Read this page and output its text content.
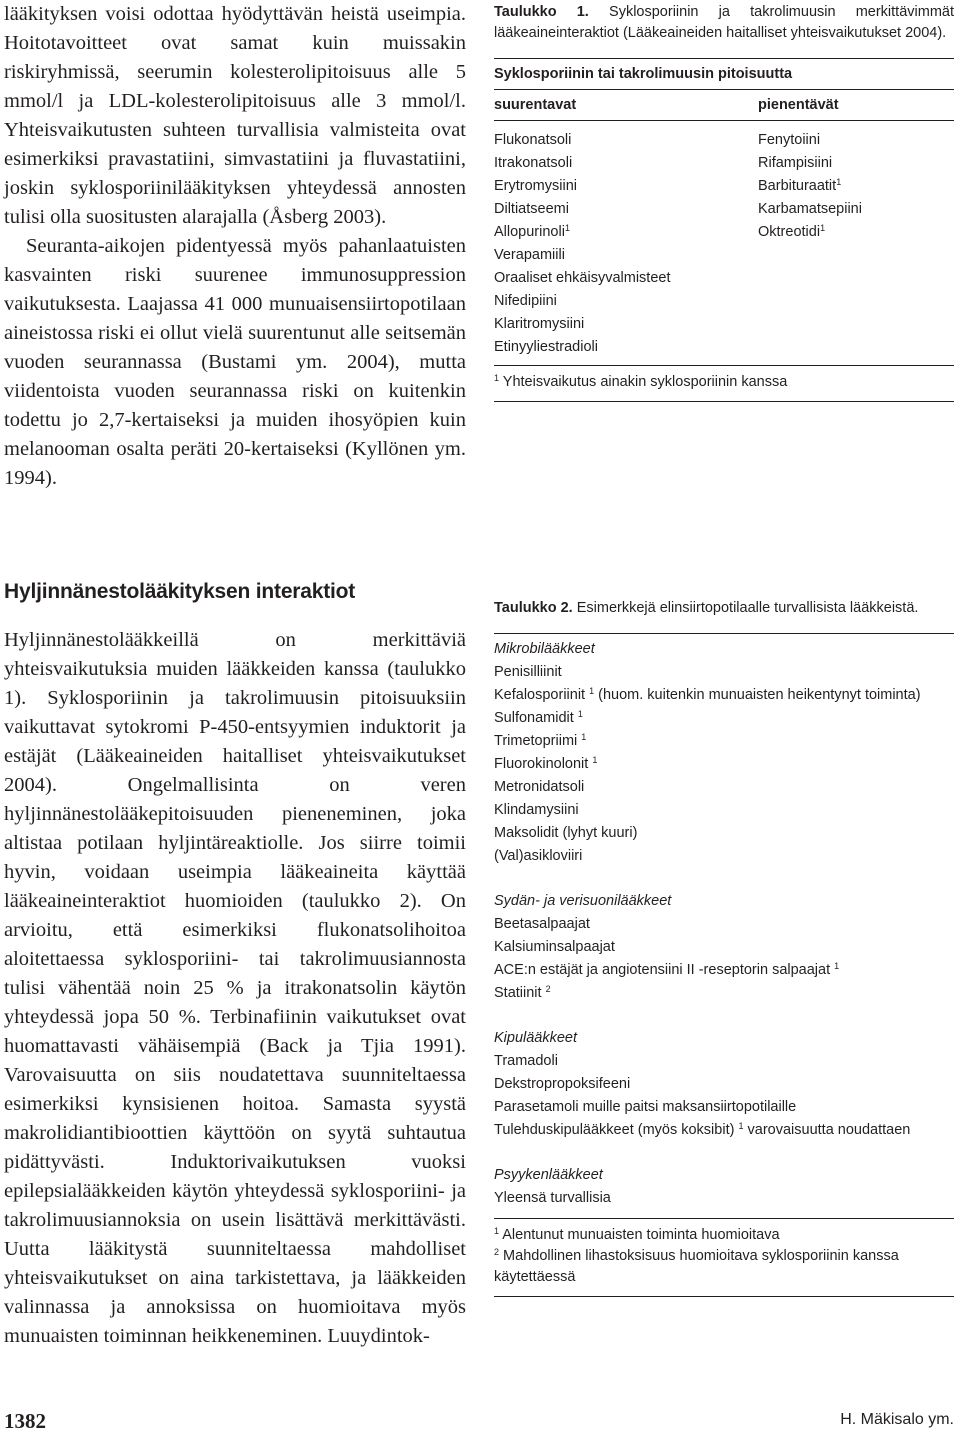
lääkityksen voisi odottaa hyödyttävän heistä useimpia. Hoitotavoitteet ovat samat kuin muissakin riskiryhmissä, seerumin kolesterolipitoisuus alle 5 mmol/l ja LDL-kolesterolipitoisuus alle 3 mmol/l. Yhteisvaikutusten suhteen turvallisia valmisteita ovat esimerkiksi pravastatiini, simvastatiini ja fluvastatiini, joskin syklosporiinilääkityksen yhteydessä annosten tulisi olla suositusten alarajalla (Åsberg 2003).

Seuranta-aikojen pidentyessä myös pahanlaatuisten kasvainten riski suurenee immunosuppression vaikutuksesta. Laajassa 41 000 munuaisensiirtopotilaan aineistossa riski ei ollut vielä suurentunut alle seitsemän vuoden seurannassa (Bustami ym. 2004), mutta viidentoista vuoden seurannassa riski on kuitenkin todettu jo 2,7-kertaiseksi ja muiden ihosyöpien kuin melanooman osalta peräti 20-kertaiseksi (Kyllönen ym. 1994).

Hyljinnänestolääkityksen interaktiot

Hyljinnänestolääkkeillä on merkittäviä yhteisvaikutuksia muiden lääkkeiden kanssa (taulukko 1). Syklosporiinin ja takrolimuusin pitoisuuksiin vaikuttavat sytokromi P-450-entsyymien induktorit ja estäjät (Lääkeaineiden haitalliset yhteisvaikutukset 2004). Ongelmallisinta on veren hyljinnänestolääkepitoisuuden pieneneminen, joka altistaa potilaan hyljintäreaktiolle. Jos siirre toimii hyvin, voidaan useimpia lääkeaineita käyttää lääkeaineinteraktiot huomioiden (taulukko 2). On arvioitu, että esimerkiksi flukonatsolihoitoa aloitettaessa syklosporiini- tai takrolimuusiannosta tulisi vähentää noin 25 % ja itrakonatsolin käytön yhteydessä jopa 50 %. Terbinafiinin vaikutukset ovat huomattavasti vähäisempiä (Back ja Tjia 1991). Varovaisuutta on siis noudatettava suunniteltaessa esimerkiksi kynsisienen hoitoa. Samasta syystä makrolidiantibioottien käyttöön on syytä suhtautua pidättyvästi. Induktorivaikutuksen vuoksi epilepsialääkkeiden käytön yhteydessä syklosporiini- ja takrolimuusiannoksia on usein lisättävä merkittävästi. Uutta lääkitystä suunniteltaessa mahdolliset yhteisvaikutukset on aina tarkistettava, ja lääkkeiden valinnassa ja annoksissa on huomioitava myös munuaisten toiminnan heikkeneminen. Luuydintok-

Taulukko 1. Syklosporiinin ja takrolimuusin merkittävimmät lääkeaineinteraktiot (Lääkeaineiden haitalliset yhteisvaikutukset 2004).

Syklosporiinin tai takrolimuusin pitoisuutta

suurentavat

Flukonatsoli

Itrakonatsoli

Erytromysiini

Diltiatseemi

Allopurinoli$^1$

Verapamiili

Oraaliset ehkäisyvalmisteet

Nifedipiini

Klaritromysiini

Etinyyliestradioli

pienentävät

Fenytoiini

Rifampisiini

Barbituraatit$^1$

Karbamatsepiini

Oktreotidi$^1$

$^1$ Yhteisvaikutus ainakin syklosporiinin kanssa

Taulukko 2. Esimerkkejä elinsiirtopotilaalle turvallisista lääkkeistä.

Mikrobilääkkeet

Penisilliinit

Kefalosporiinit $^1$ (huom. kuitenkin munuaisten heikentynyt toiminta)

Sulfonamidit $^1$

Trimetopriimi $^1$

Fluorokinolonit $^1$

Metronidatsoli

Klindamysiini

Maksolidit (lyhyt kuuri)

(Val)asikloviiri

Sydän- ja verisuonilääkkeet

Beetasalpaajat

Kalsiuminsalpaajat

ACE:n estäjät ja angiotensiini II -reseptorin salpaajat $^1$

Statiinit $^2$

Kipulääkkeet

Tramadoli

Dekstropropoksifeeni

Parasetamoli muille paitsi maksansiirtopotilaille

Tulehduskipulääkkeet (myös koksibit) $^1$ varovaisuutta noudattaen

Psyykenlääkkeet

Yleensä turvallisia

$^1$ Alentunut munuaisten toiminta huomioitava

$^2$ Mahdollinen lihastoksisuus huomioitava syklosporiinin kanssa käytettäessä

1382	H. Mäkisalo ym.
